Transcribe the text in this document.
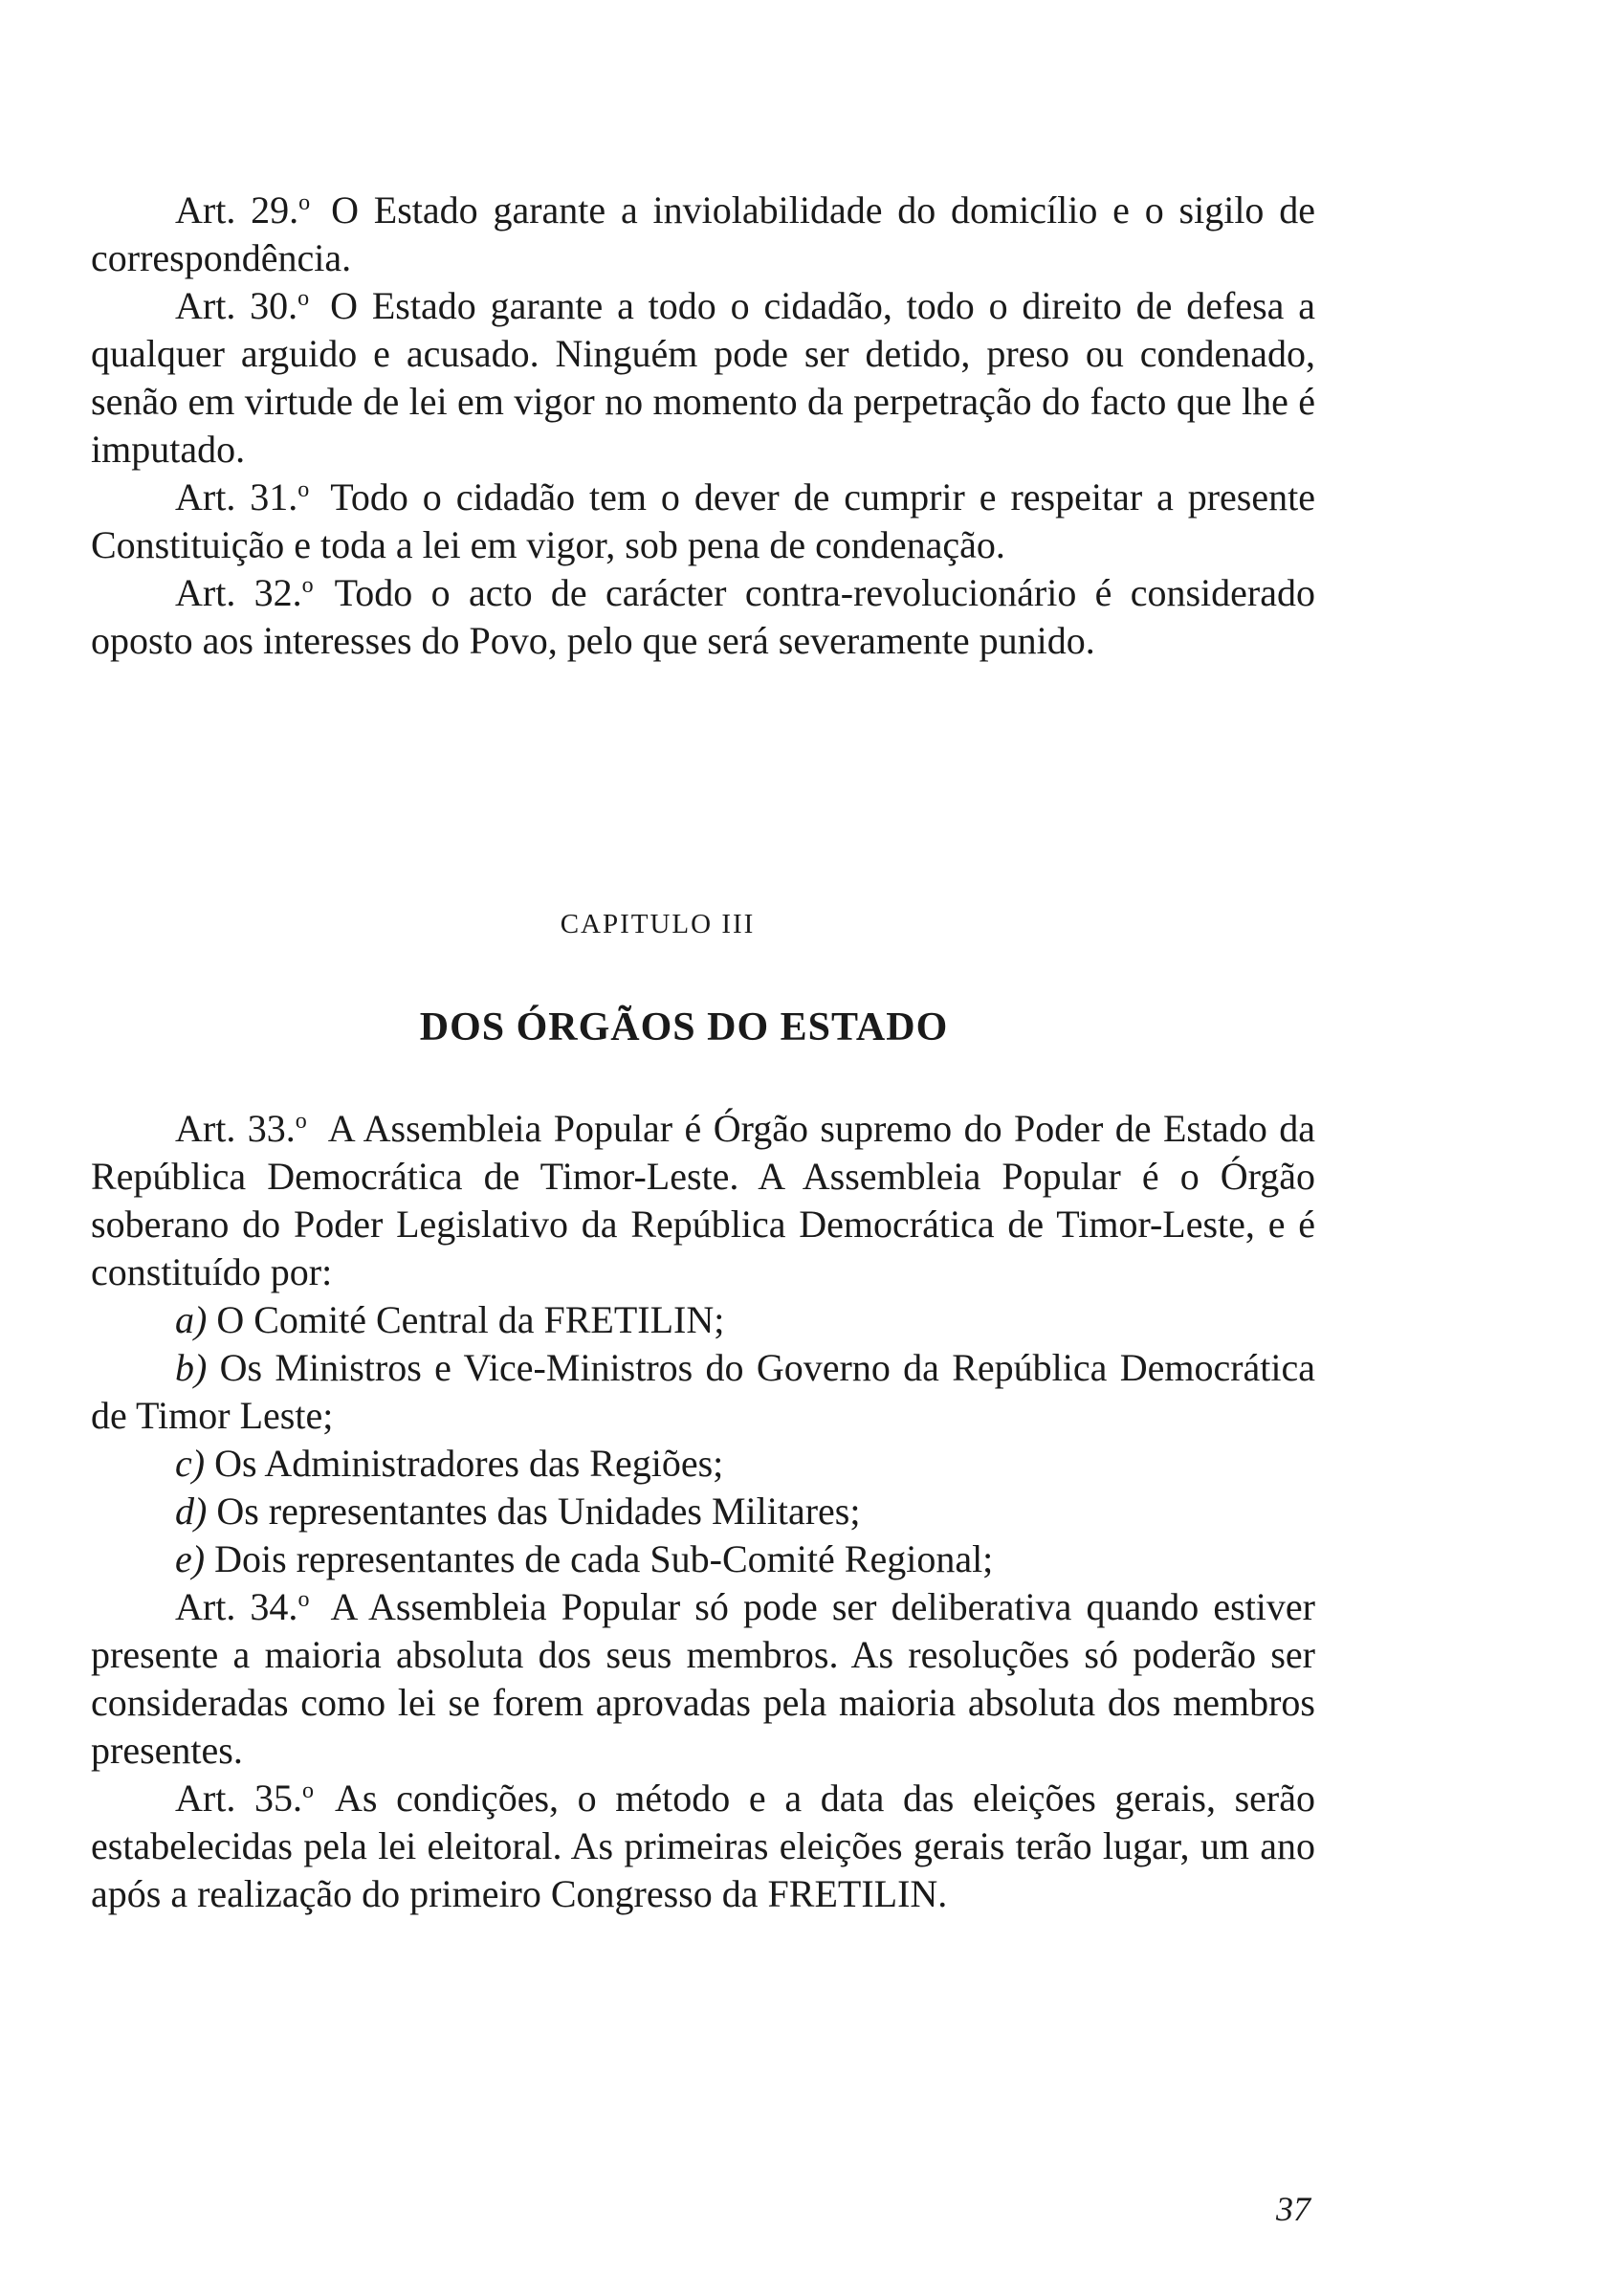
Art. 29.$^o$ O Estado garante a inviolabilidade do domicílio e o sigilo de correspondência.

Art. 30.$^o$ O Estado garante a todo o cidadão, todo o direito de defesa a qualquer arguido e acusado. Ninguém pode ser detido, preso ou condenado, senão em virtude de lei em vigor no momento da perpetração do facto que lhe é imputado.

Art. 31.$^o$ Todo o cidadão tem o dever de cumprir e respeitar a presente Constituição e toda a lei em vigor, sob pena de condenação.

Art. 32.$^o$ Todo o acto de carácter contra-revolucionário é considerado oposto aos interesses do Povo, pelo que será severamente punido.

CAPITULO III
DOS ÓRGÃOS DO ESTADO

Art. 33.$^o$ A Assembleia Popular é Órgão supremo do Poder de Estado da República Democrática de Timor-Leste. A Assembleia Popular é o Órgão soberano do Poder Legislativo da República Democrática de Timor-Leste, e é constituído por:

a) O Comité Central da FRETILIN;

b) Os Ministros e Vice-Ministros do Governo da República Democrática de Timor Leste;

c) Os Administradores das Regiões;

d) Os representantes das Unidades Militares;

e) Dois representantes de cada Sub-Comité Regional;

Art. 34.$^o$ A Assembleia Popular só pode ser deliberativa quando estiver presente a maioria absoluta dos seus membros. As resoluções só poderão ser consideradas como lei se forem aprovadas pela maioria absoluta dos membros presentes.

Art. 35.$^o$ As condições, o método e a data das eleições gerais, serão estabelecidas pela lei eleitoral. As primeiras eleições gerais terão lugar, um ano após a realização do primeiro Congresso da FRETILIN.

37
